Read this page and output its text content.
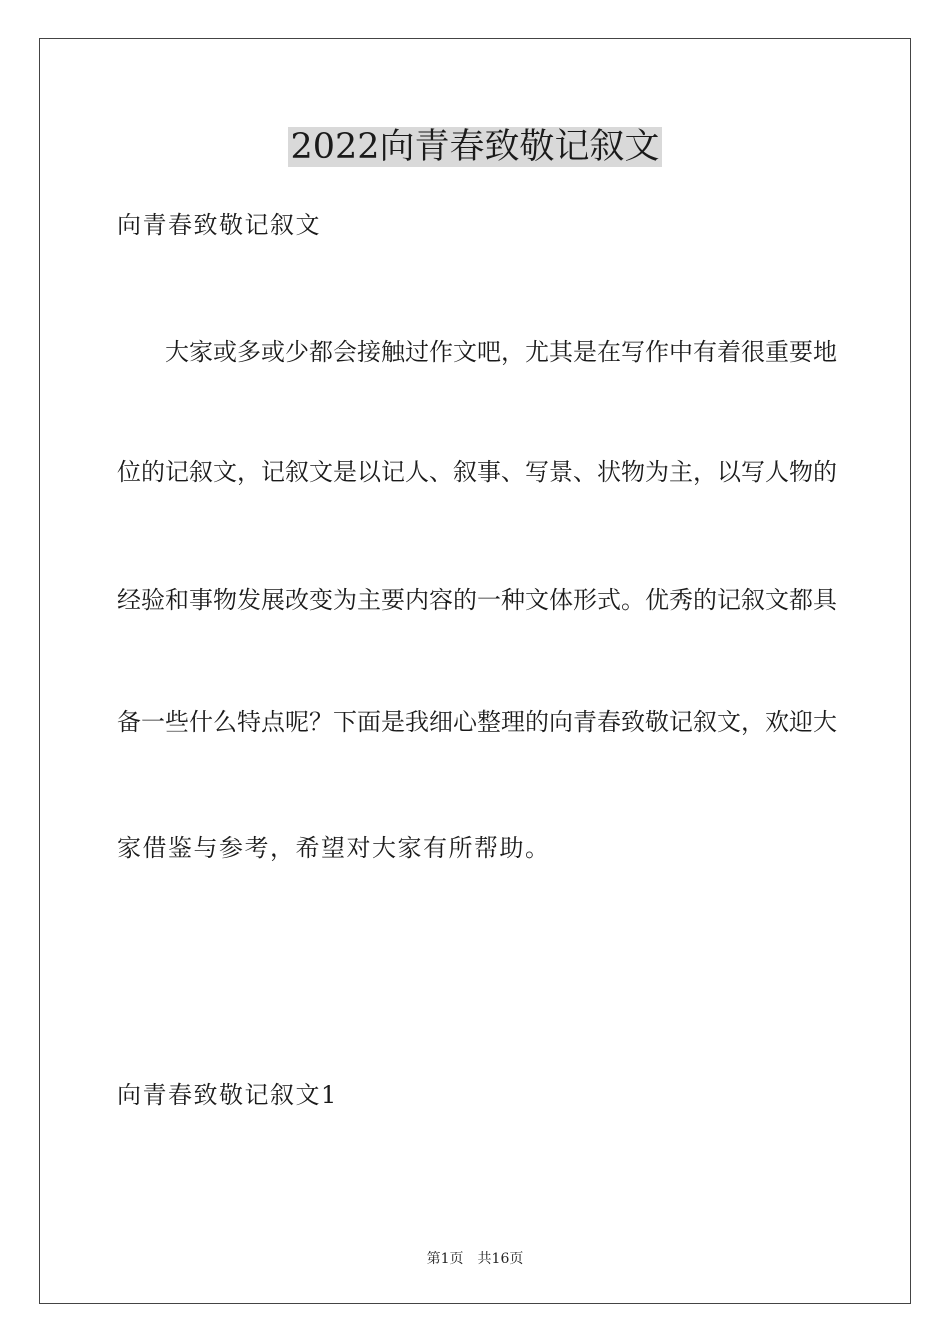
2022向青春致敬记叙文
向青春致敬记叙文
大家或多或少都会接触过作文吧，尤其是在写作中有着很重要地
位的记叙文，记叙文是以记人、叙事、写景、状物为主，以写人物的
经验和事物发展改变为主要内容的一种文体形式。优秀的记叙文都具
备一些什么特点呢？下面是我细心整理的向青春致敬记叙文，欢迎大
家借鉴与参考，希望对大家有所帮助。
向青春致敬记叙文1
第1页 共16页
